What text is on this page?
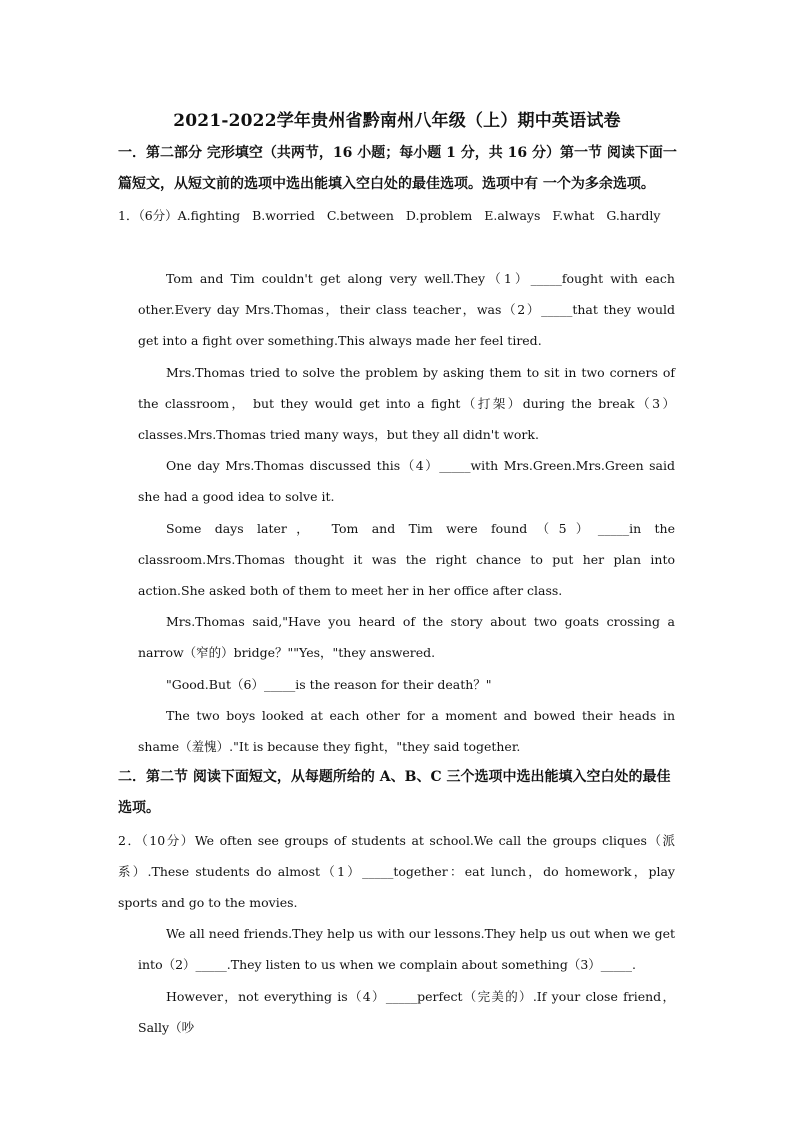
2021-2022学年贵州省黔南州八年级（上）期中英语试卷
一．第二部分 完形填空（共两节，16 小题；每小题 1 分，共 16 分）第一节 阅读下面一篇短文，从短文前的选项中选出能填入空白处的最佳选项。选项中有 一个为多余选项。
1．（6分）A.fighting B.worried C.between D.problem E.always F.what G.hardly
Tom and Tim couldn't get along very well.They（1）_____fought with each other.Every day Mrs.Thomas，their class teacher，was（2）_____that they would get into a fight over something.This always made her feel tired.
Mrs.Thomas tried to solve the problem by asking them to sit in two corners of the classroom， but they would get into a fight（打架）during the break（3） classes.Mrs.Thomas tried many ways，but they all didn't work.
One day Mrs.Thomas discussed this（4）_____with Mrs.Green.Mrs.Green said she had a good idea to solve it.
Some days later， Tom and Tim were found（5）_____in the classroom.Mrs.Thomas thought it was the right chance to put her plan into action.She asked both of them to meet her in her office after class.
Mrs.Thomas said,"Have you heard of the story about two goats crossing a narrow（窄的）bridge？""Yes，"they answered.
"Good.But（6）_____is the reason for their death？"
The two boys looked at each other for a moment and bowed their heads in shame（羞愧）."It is because they fight，"they said together.
二．第二节 阅读下面短文，从每题所给的 A、B、C 三个选项中选出能填入空白处的最佳选项。
2．（10分）We often see groups of students at school.We call the groups cliques（派系）.These students do almost（1）_____together：eat lunch，do homework，play sports and go to the movies.
We all need friends.They help us with our lessons.They help us out when we get into（2）_____.They listen to us when we complain about something（3）_____.
However，not everything is（4）_____perfect（完美的）.If your close friend，Sally（吵
